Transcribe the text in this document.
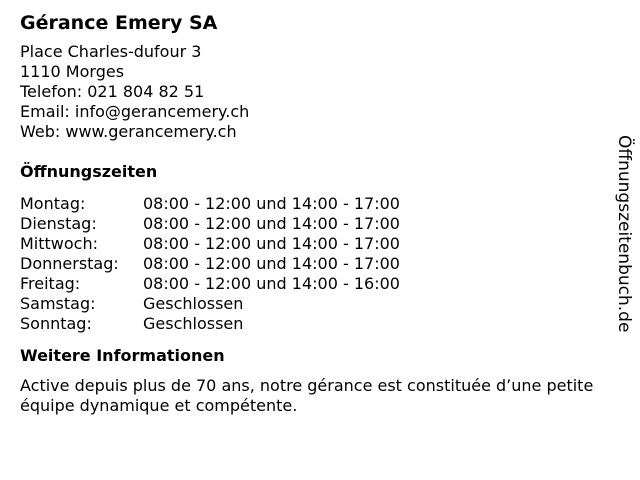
Gérance Emery SA
Place Charles-dufour 3
1110 Morges
Telefon: 021 804 82 51
Email: info@gerancemery.ch
Web: www.gerancemery.ch
Öffnungszeiten
Montag:	08:00 - 12:00 und 14:00 - 17:00
Dienstag:	08:00 - 12:00 und 14:00 - 17:00
Mittwoch:	08:00 - 12:00 und 14:00 - 17:00
Donnerstag:	08:00 - 12:00 und 14:00 - 17:00
Freitag:	08:00 - 12:00 und 14:00 - 16:00
Samstag:	Geschlossen
Sonntag:	Geschlossen
Weitere Informationen
Active depuis plus de 70 ans, notre gérance est constituée d’une petite équipe dynamique et compétente.
Öffnungszeitenbuch.de
